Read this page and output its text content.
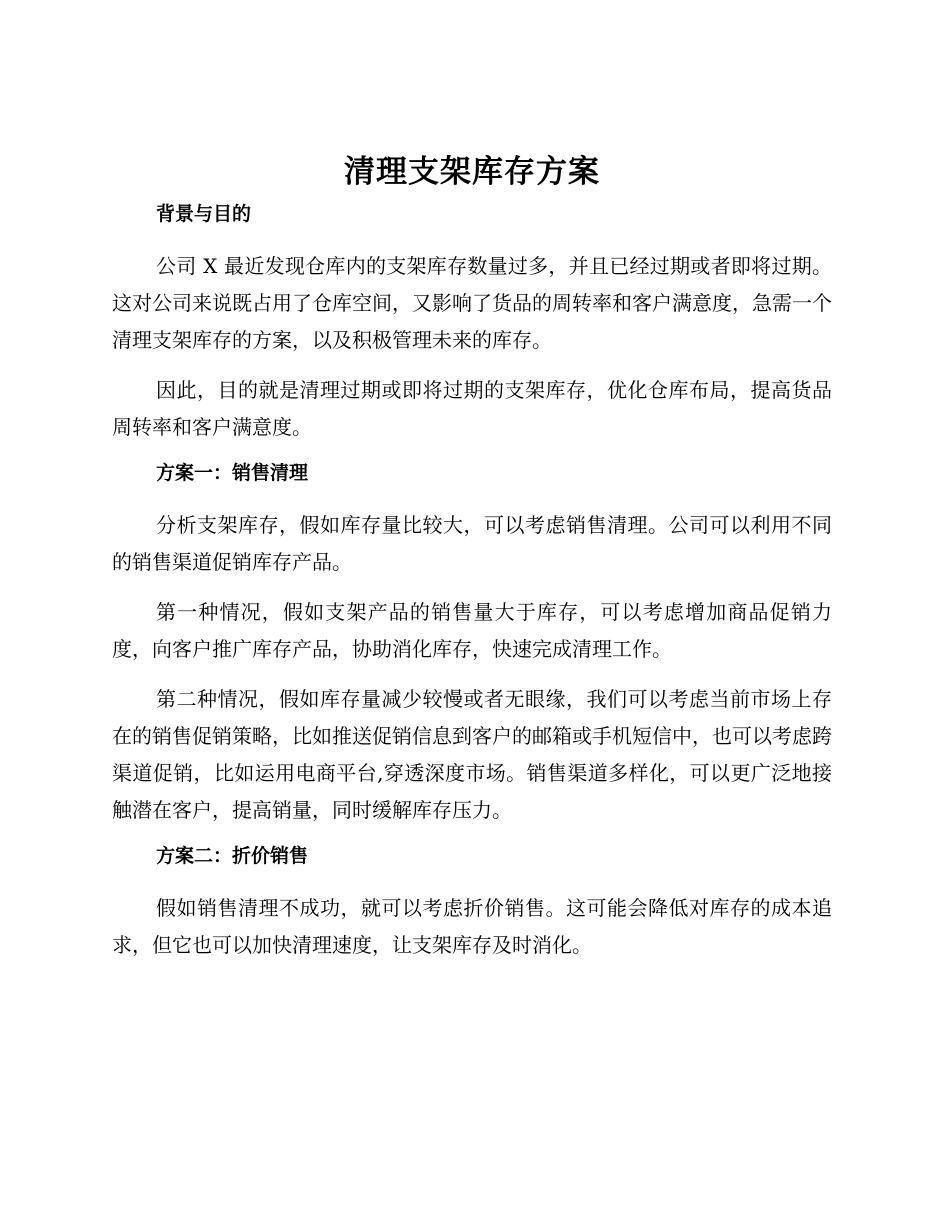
清理支架库存方案
背景与目的

公司 X 最近发现仓库内的支架库存数量过多，并且已经过期或者即将过期。这对公司来说既占用了仓库空间，又影响了货品的周转率和客户满意度，急需一个清理支架库存的方案，以及积极管理未来的库存。

因此，目的就是清理过期或即将过期的支架库存，优化仓库布局，提高货品周转率和客户满意度。

方案一：销售清理

分析支架库存，假如库存量比较大，可以考虑销售清理。公司可以利用不同的销售渠道促销库存产品。

第一种情况，假如支架产品的销售量大于库存，可以考虑增加商品促销力度，向客户推广库存产品，协助消化库存，快速完成清理工作。

第二种情况，假如库存量减少较慢或者无眼缘，我们可以考虑当前市场上存在的销售促销策略，比如推送促销信息到客户的邮箱或手机短信中，也可以考虑跨渠道促销，比如运用电商平台,穿透深度市场。销售渠道多样化，可以更广泛地接触潜在客户，提高销量，同时缓解库存压力。

方案二：折价销售

假如销售清理不成功，就可以考虑折价销售。这可能会降低对库存的成本追求，但它也可以加快清理速度，让支架库存及时消化。
